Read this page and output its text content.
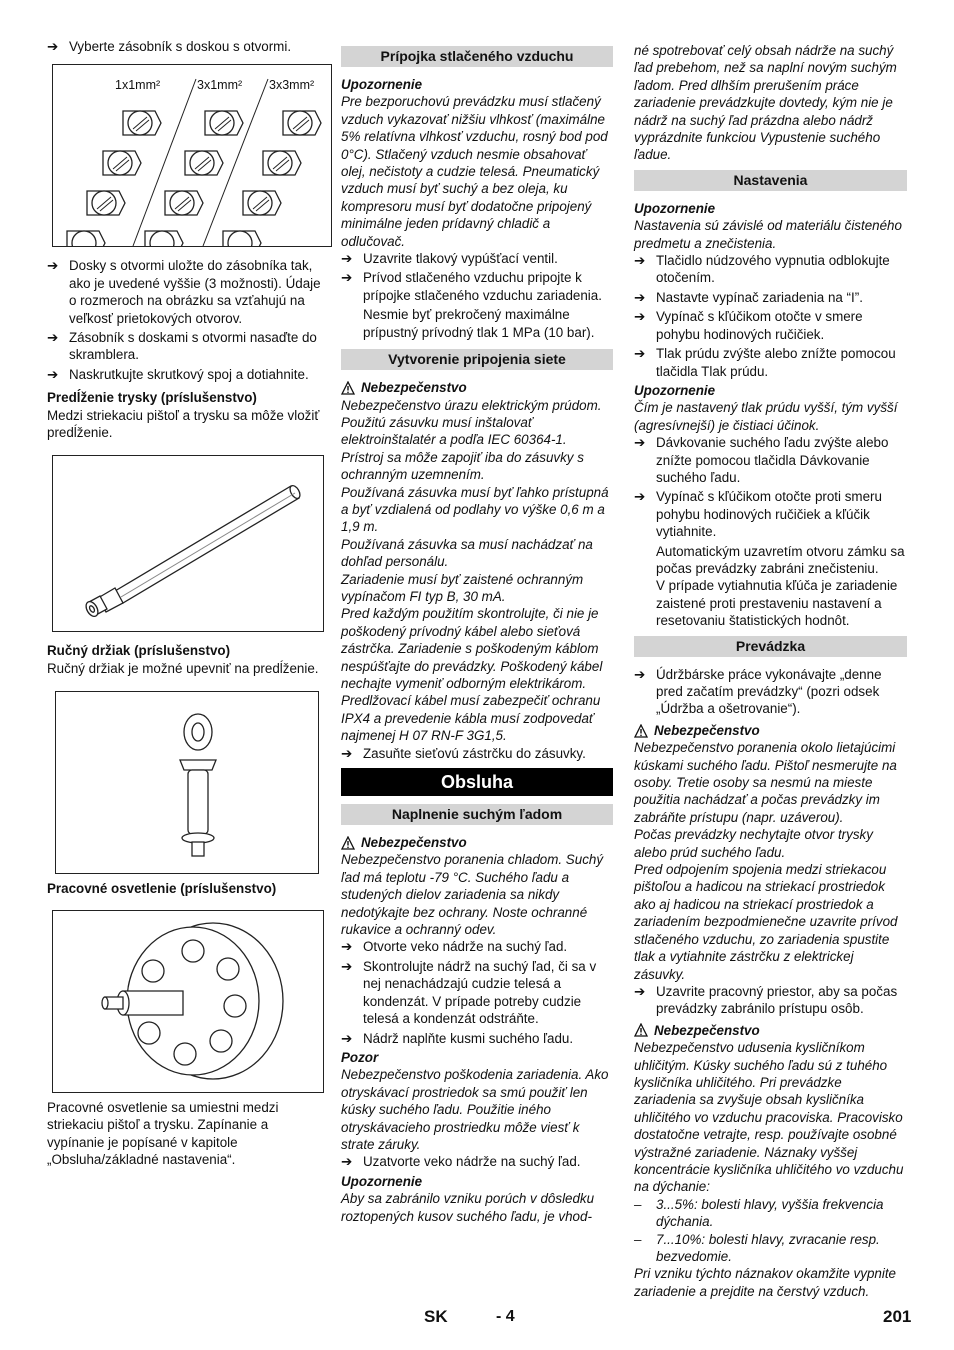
➔ Vyberte zásobník s doskou s otvormi.
1x1mm²	3x1mm² 3x3mm²
➔ Dosky s otvormi uložte do zásobníka tak, ako je uvedené vyššie (3 možnosti). Údaje o rozmeroch na obrázku sa vzťahujú na veľkosť prietokových otvorov.
➔ Zásobník s doskami s otvormi nasaďte do skramblera.
➔ Naskrutkujte skrutkový spoj a dotiahnite.

Predĺženie trysky (príslušenstvo)

Medzi striekaciu pištoľ a trysku sa môže vložiť predĺženie.

Ručný držiak (príslušenstvo)

Ručný držiak je možné upevniť na predĺženie.

Pracovné osvetlenie (príslušenstvo)

Pracovné osvetlenie sa umiestni medzi striekaciu pištoľ a trysku. Zapínanie a vypínanie je popísané v kapitole „Obsluha/základné nastavenia“.

Prípojka stlačeného vzduchu

Upozornenie

Pre bezporuchovú prevádzku musí stlačený vzduch vykazovať nižšiu vlhkosť (maximálne 5% relatívna vlhkosť vzduchu, rosný bod pod 0°C). Stlačený vzduch nesmie obsahovať olej, nečistoty a cudzie telesá. Pneumatický vzduch musí byť suchý a bez oleja, ku kompresoru musí byť dodatočne pripojený minimálne jeden prídavný chladič a odlučovač.

➔ Uzavrite tlakový vypúšťací ventil.
➔ Prívod stlačeného vzduchu pripojte k prípojke stlačeného vzduchu zariadenia.

Nesmie byť prekročený maximálne prípustný prívodný tlak 1 MPa (10 bar).

Vytvorenie pripojenia siete
Nebezpečenstvo

Nebezpečenstvo úrazu elektrickým prúdom. Použitú zásuvku musí inštalovať elektroinštalatér a podľa IEC 60364-1.
Prístroj sa môže zapojiť iba do zásuvky s ochranným uzemnením.
Používaná zásuvka musí byť ľahko prístupná a byť vzdialená od podlahy vo výške 0,6 m a 1,9 m.
Používaná zásuvka sa musí nachádzať na dohľad personálu.
Zariadenie musí byť zaistené ochranným vypínačom FI typ B, 30 mA.
Pred každým použitím skontrolujte, či nie je poškodený prívodný kábel alebo sieťová zástrčka. Zariadenie s poškodeným káblom nespúšťajte do prevádzky. Poškodený kábel nechajte vymeniť odborným elektrikárom.
Predlžovací kábel musí zabezpečiť ochranu IPX4 a prevedenie kábla musí zodpovedať najmenej H 07 RN-F 3G1,5.

➔ Zasuňte sieťovú zástrčku do zásuvky.
Obsluha
Naplnenie suchým ľadom
Nebezpečenstvo

Nebezpečenstvo poranenia chladom. Suchý ľad má teplotu -79 °C. Suchého ľadu a studených dielov zariadenia sa nikdy nedotýkajte bez ochrany. Noste ochranné rukavice a ochranný odev.

➔ Otvorte veko nádrže na suchý ľad.
➔ Skontrolujte nádrž na suchý ľad, či sa v nej nenachádzajú cudzie telesá a kondenzát. V prípade potreby cudzie telesá a kondenzát odstráňte.
➔ Nádrž naplňte kusmi suchého ľadu.

Pozor

Nebezpečenstvo poškodenia zariadenia. Ako otryskávací prostriedok sa smú použiť len kúsky suchého ľadu. Použitie iného otryskávacieho prostriedku môže viesť k strate záruky.

➔ Uzatvorte veko nádrže na suchý ľad.

Upozornenie

Aby sa zabránilo vzniku porúch v dôsledku roztopených kusov suchého ľadu, je vhod-

né spotrebovať celý obsah nádrže na suchý ľad prebehom, než sa naplní novým suchým ľadom. Pred dlhším prerušením práce zariadenie prevádzkujte dovtedy, kým nie je nádrž na suchý ľad prázdna alebo nádrž vyprázdnite funkciou Vypustenie suchého ľadue.

Nastavenia

Upozornenie

Nastavenia sú závislé od materiálu čisteného predmetu a znečistenia.

➔ Tlačidlo núdzového vypnutia odblokujte otočením.
➔ Nastavte vypínač zariadenia na “I”.
➔ Vypínač s kľúčikom otočte v smere pohybu hodinových ručičiek.
➔ Tlak prúdu zvýšte alebo znížte pomocou tlačidla Tlak prúdu.

Upozornenie

Čím je nastavený tlak prúdu vyšší, tým vyšší (agresívnejší) je čistiaci účinok.

➔ Dávkovanie suchého ľadu zvýšte alebo znížte pomocou tlačidla Dávkovanie suchého ľadu.
➔ Vypínač s kľúčikom otočte proti smeru pohybu hodinových ručičiek a kľúčik vytiahnite.

Automatickým uzavretím otvoru zámku sa počas prevádzky zabráni znečisteniu.

V prípade vytiahnutia kľúča je zariadenie zaistené proti prestaveniu nastavení a resetovaniu štatistických hodnôt.

Prevádzka
➔ Údržbárske práce vykonávajte „denne pred začatím prevádzky“ (pozri odsek „Údržba a ošetrovanie“).
Nebezpečenstvo

Nebezpečenstvo poranenia okolo lietajúcimi kúskami suchého ľadu. Pištoľ nesmerujte na osoby. Tretie osoby sa nesmú na mieste použitia nachádzať a počas prevádzky im zabráňte prístupu (napr. uzáverou).
Počas prevádzky nechytajte otvor trysky alebo prúd suchého ľadu.
Pred odpojením spojenia medzi striekacou pištoľou a hadicou na striekací prostriedok ako aj hadicou na striekací prostriedok a zariadením bezpodmienečne uzavrite prívod stlačeného vzduchu, zo zariadenia spustite tlak a vytiahnite zástrčku z elektrickej zásuvky.

➔ Uzavrite pracovný priestor, aby sa počas prevádzky zabránilo prístupu osôb.
Nebezpečenstvo

Nebezpečenstvo udusenia kysličníkom uhličitým. Kúsky suchého ľadu sú z tuhého kysličníka uhličitého. Pri prevádzke zariadenia sa zvyšuje obsah kysličníka uhličitého vo vzduchu pracoviska. Pracovisko dostatočne vetrajte, resp. používajte osobné výstražné zariadenie. Náznaky vyššej koncentrácie kysličníka uhličitého vo vzduchu na dýchanie:

– 3...5%: bolesti hlavy, vyššia frekvencia dýchania.
– 7...10%: bolesti hlavy, zvracanie resp. bezvedomie.

Pri vzniku týchto náznakov okamžite vypnite zariadenie a prejdite na čerstvý vzduch.

SK	- 4	201
